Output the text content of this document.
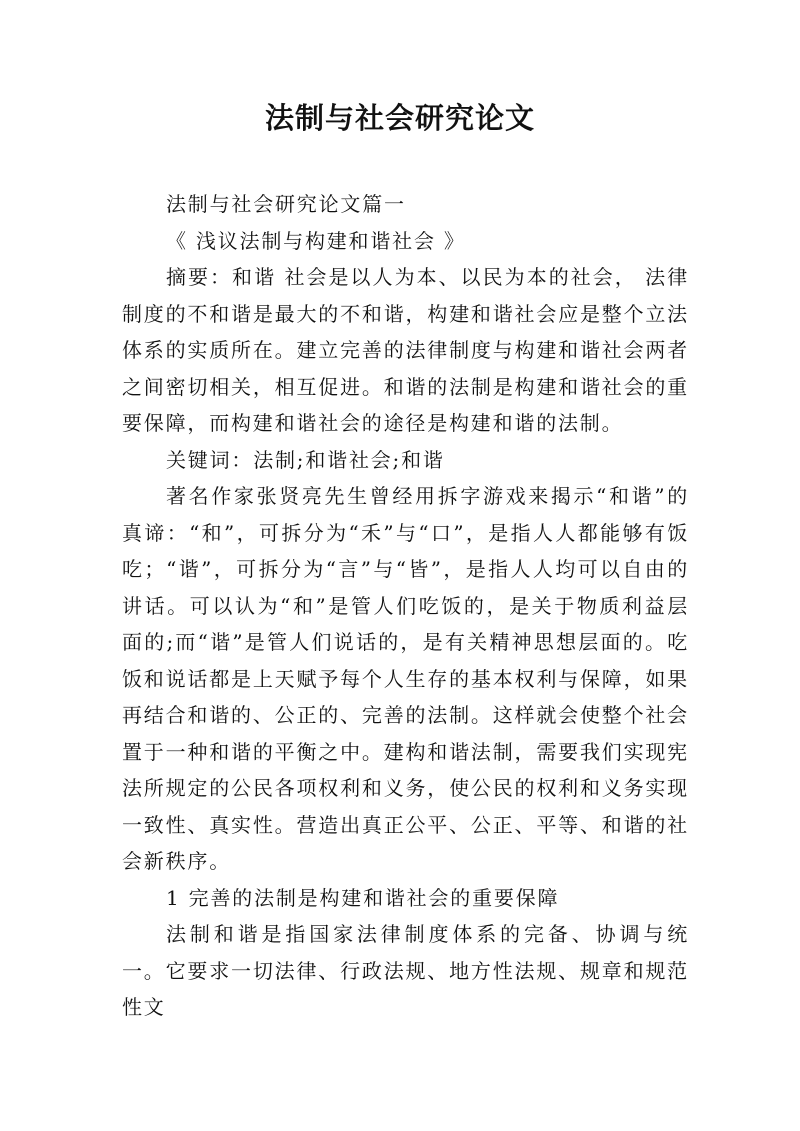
法制与社会研究论文

法制与社会研究论文篇一

《 浅议法制与构建和谐社会 》

摘要：和谐 社会是以人为本、以民为本的社会， 法律制度的不和谐是最大的不和谐，构建和谐社会应是整个立法体系的实质所在。建立完善的法律制度与构建和谐社会两者之间密切相关，相互促进。和谐的法制是构建和谐社会的重要保障，而构建和谐社会的途径是构建和谐的法制。

关键词：法制;和谐社会;和谐

著名作家张贤亮先生曾经用拆字游戏来揭示“和谐”的真谛：“和”，可拆分为“禾”与“口”，是指人人都能够有饭吃；“谐”，可拆分为“言”与“皆”，是指人人均可以自由的 讲话。可以认为“和”是管人们吃饭的，是关于物质利益层面的;而“谐”是管人们说话的，是有关精神思想层面的。吃饭和说话都是上天赋予每个人生存的基本权利与保障，如果再结合和谐的、公正的、完善的法制。这样就会使整个社会置于一种和谐的平衡之中。建构和谐法制，需要我们实现宪法所规定的公民各项权利和义务，使公民的权利和义务实现一致性、真实性。营造出真正公平、公正、平等、和谐的社会新秩序。

1 完善的法制是构建和谐社会的重要保障

法制和谐是指国家法律制度体系的完备、协调与统一。它要求一切法律、行政法规、地方性法规、规章和规范性文
